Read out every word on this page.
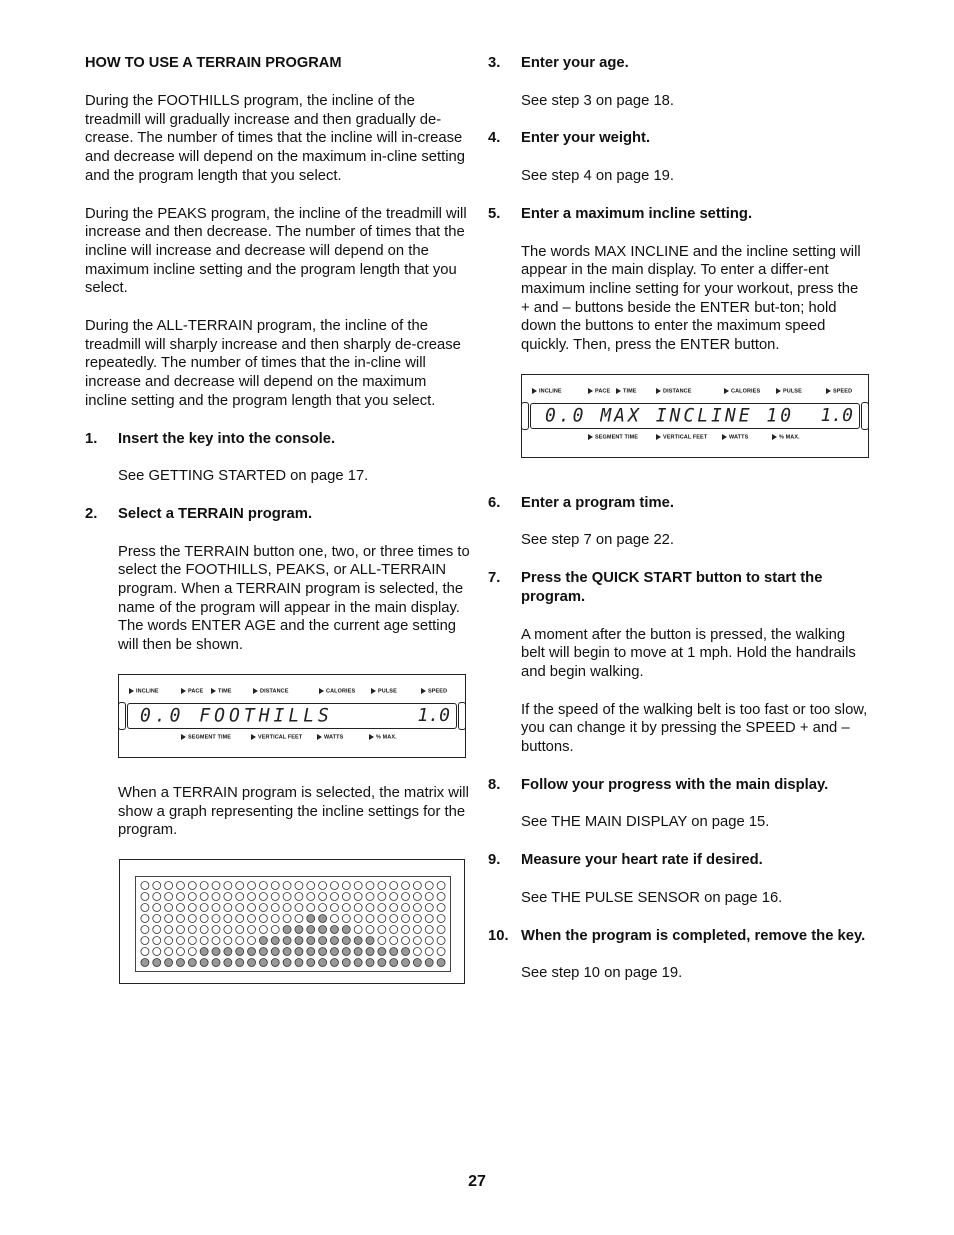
HOW TO USE A TERRAIN PROGRAM

During the FOOTHILLS program, the incline of the treadmill will gradually increase and then gradually de-crease. The number of times that the incline will in-crease and decrease will depend on the maximum in-cline setting and the program length that you select.

During the PEAKS program, the incline of the treadmill will increase and then decrease. The number of times that the incline will increase and decrease will depend on the maximum incline setting and the program length that you select.

During the ALL-TERRAIN program, the incline of the treadmill will sharply increase and then sharply de-crease repeatedly. The number of times that the in-cline will increase and decrease will depend on the maximum incline setting and the program length that you select.

1.	Insert the key into the console.

See GETTING STARTED on page 17.

2.	Select a TERRAIN program.

Press the TERRAIN button one, two, or three times to select the FOOTHILLS, PEAKS, or ALL-TERRAIN program. When a TERRAIN program is selected, the name of the program will appear in the main display. The words ENTER AGE and the current age setting will then be shown.

INCLINE	PACE	TIME	DISTANCE	CALORIES	PULSE	SPEED
0.0 FOOTHILLS	1.0
SEGMENT TIME	VERTICAL FEET	WATTS	% MAX.

When a TERRAIN program is selected, the matrix will show a graph representing the incline settings for the program.

3.	Enter your age.

See step 3 on page 18.

4.	Enter your weight.

See step 4 on page 19.

5.	Enter a maximum incline setting.

The words MAX INCLINE and the incline setting will appear in the main display. To enter a differ-ent maximum incline setting for your workout, press the + and – buttons beside the ENTER but-ton; hold down the buttons to enter the maximum speed quickly. Then, press the ENTER button.

INCLINE	PACE	TIME	DISTANCE	CALORIES	PULSE	SPEED
0.0 MAX INCLINE 10 1.0
SEGMENT TIME	VERTICAL FEET	WATTS	% MAX.
6.	Enter a program time.

See step 7 on page 22.

7.	Press the QUICK START button to start the program.

A moment after the button is pressed, the walking belt will begin to move at 1 mph. Hold the handrails and begin walking.

If the speed of the walking belt is too fast or too slow, you can change it by pressing the SPEED + and – buttons.

8.	Follow your progress with the main display.

See THE MAIN DISPLAY on page 15.

9.	Measure your heart rate if desired.

See THE PULSE SENSOR on page 16.

10. When the program is completed, remove the key.

See step 10 on page 19.

27
